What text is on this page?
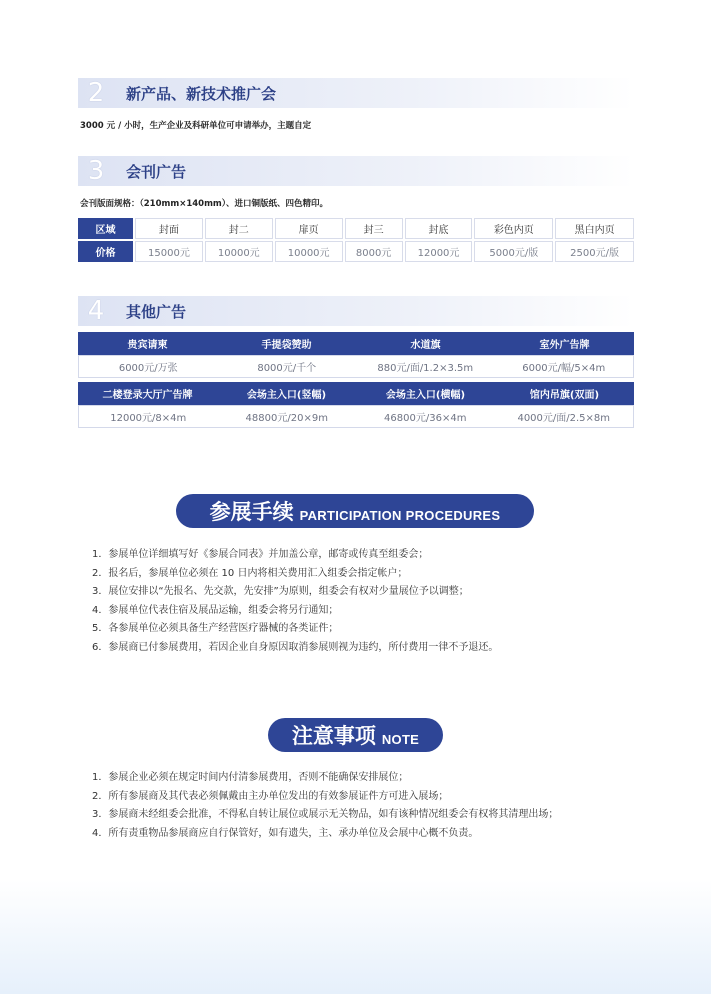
2	新产品、新技术推广会
3000 元 / 小时，生产企业及科研单位可申请举办，主题自定
3	会刊广告
会刊版面规格：（210mm×140mm）、进口铜版纸、四色精印。
区域	封面	封二	扉页	封三	封底	彩色内页	黑白内页
价格	15000元	10000元	10000元	8000元	12000元	5000元/版	2500元/版
4	其他广告
贵宾请柬	手提袋赞助	水道旗	室外广告牌
6000元/万张	8000元/千个	880元/面/1.2×3.5m	6000元/幅/5×4m
二楼登录大厅广告牌	会场主入口(竖幅)	会场主入口(横幅)	馆内吊旗(双面)
12000元/8×4m	48800元/20×9m	46800元/36×4m	4000元/面/2.5×8m
参展手续 PARTICIPATION PROCEDURES
1．参展单位详细填写好《参展合同表》并加盖公章，邮寄或传真至组委会；
2．报名后，参展单位必须在 10 日内将相关费用汇入组委会指定帐户；
3．展位安排以“先报名、先交款，先安排”为原则，组委会有权对少量展位予以调整；
4．参展单位代表住宿及展品运输，组委会将另行通知；
5．各参展单位必须具备生产经营医疗器械的各类证件；
6．参展商已付参展费用，若因企业自身原因取消参展则视为违约，所付费用一律不予退还。
注意事项 NOTE
1．参展企业必须在规定时间内付清参展费用，否则不能确保安排展位；
2．所有参展商及其代表必须佩戴由主办单位发出的有效参展证件方可进入展场；
3．参展商未经组委会批准，不得私自转让展位或展示无关物品，如有该种情况组委会有权将其清理出场；
4．所有责重物品参展商应自行保管好，如有遗失，主、承办单位及会展中心概不负责。
